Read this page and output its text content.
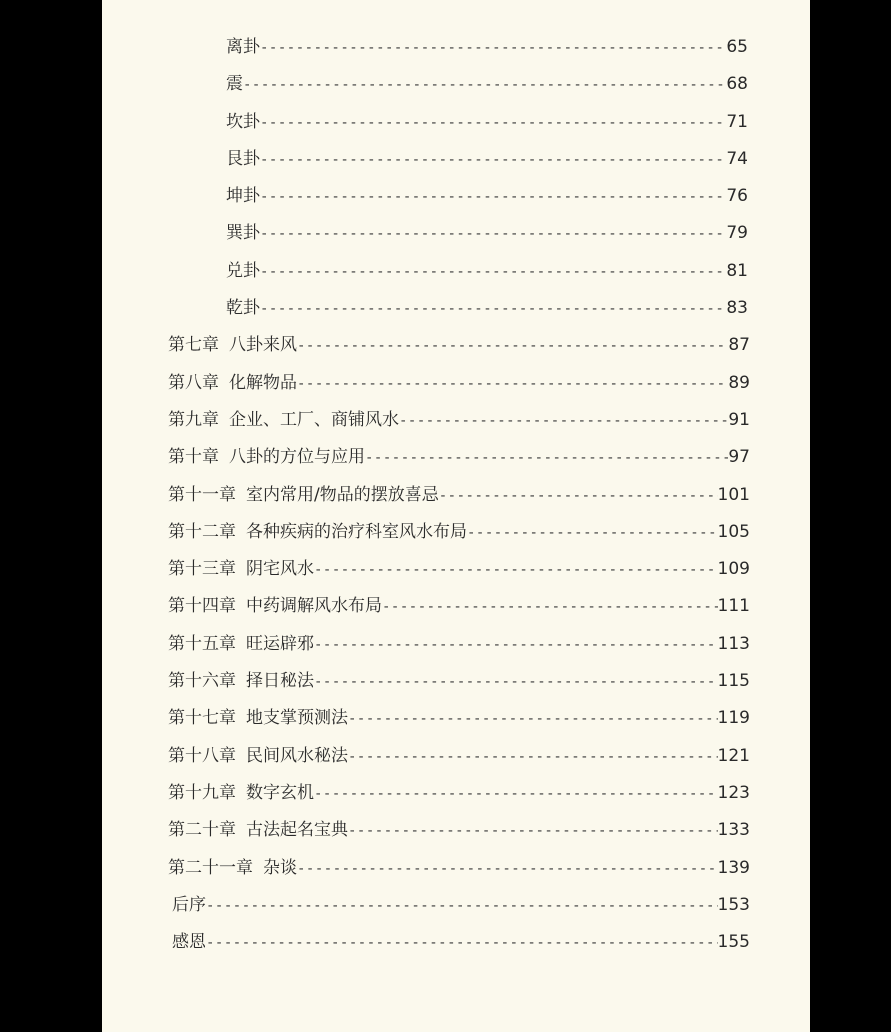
离卦 -----	65
震 -----	68
坎卦 -----	71
艮卦 -----	74
坤卦 -----	76
巽卦 -----	79
兑卦 -----	81
乾卦 -----	83
第七章 八卦来风 -----	87
第八章 化解物品 -----	89
第九章 企业、工厂、商铺风水 -----	91
第十章 八卦的方位与应用 -----	97
第十一章 室内常用/物品的摆放喜忌 -----	101
第十二章 各种疾病的治疗科室风水布局 -----	105
第十三章 阴宅风水 -----	109
第十四章 中药调解风水布局 -----	111
第十五章 旺运辟邪 -----	113
第十六章 择日秘法 -----	115
第十七章 地支掌预测法 -----	119
第十八章 民间风水秘法 -----	121
第十九章 数字玄机 -----	123
第二十章 古法起名宝典 -----	133
第二十一章 杂谈 -----	139
后序 -----	153
感恩 -----	155
